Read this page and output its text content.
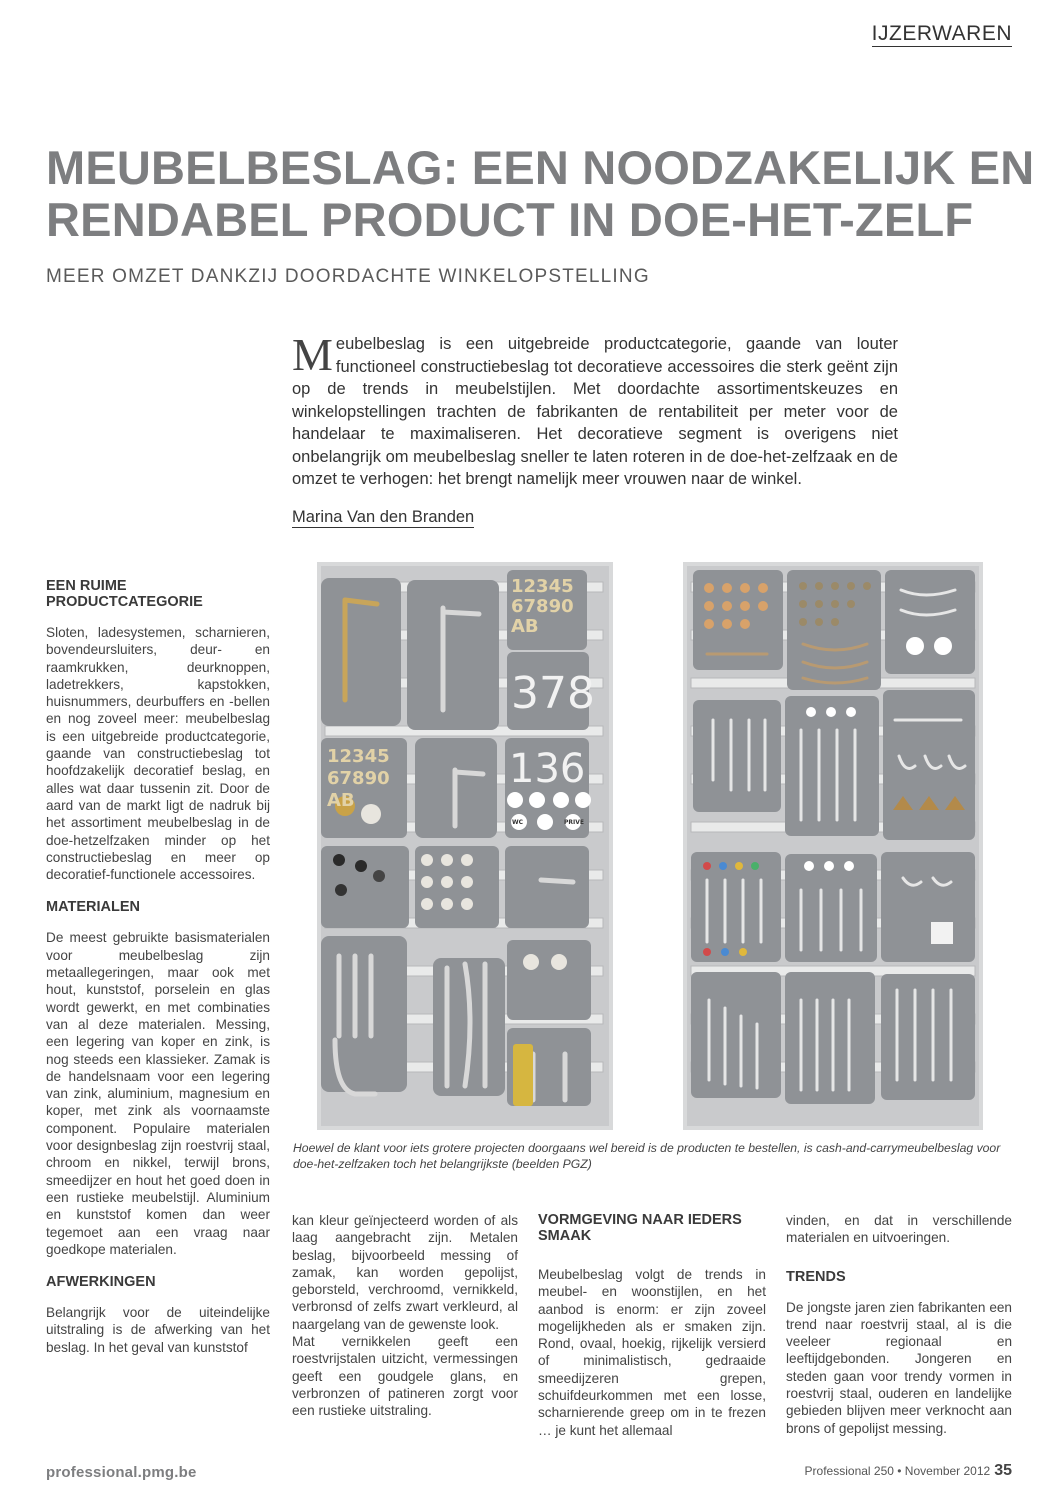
IJZERWAREN
MEUBELBESLAG: EEN NOODZAKELIJK EN
RENDABEL PRODUCT IN DOE-HET-ZELF
MEER OMZET DANKZIJ DOORDACHTE WINKELOPSTELLING
Meubelbeslag is een uitgebreide productcategorie, gaande van louter functioneel constructiebeslag tot decoratieve accessoires die sterk geënt zijn op de trends in meubelstijlen. Met doordachte assortimentskeuzes en winkelopstellingen trachten de fabrikanten de rentabiliteit per meter voor de handelaar te maximaliseren. Het decoratieve segment is overigens niet onbelangrijk om meubelbeslag sneller te laten roteren in de doe-het-zelfzaak en de omzet te verhogen: het brengt namelijk meer vrouwen naar de winkel.
Marina Van den Branden
12345
67890
AB
12345
67890
AB
378
136
WC	PRIVE
Hoewel de klant voor iets grotere projecten doorgaans wel bereid is de producten te bestellen, is cash-and-carrymeubelbeslag voor doe-het-zelfzaken toch het belangrijkste (beelden PGZ)
EEN RUIME PRODUCTCATEGORIE

Sloten, ladesystemen, scharnieren, bovendeursluiters, deur- en raamkrukken, deurknoppen, ladetrekkers, kapstokken, huisnummers, deurbuffers en -bellen en nog zoveel meer: meubelbeslag is een uitgebreide productcategorie, gaande van constructiebeslag tot hoofdzakelijk decoratief beslag, en alles wat daar tussenin zit. Door de aard van de markt ligt de nadruk bij het assortiment meubelbeslag in de doe-hetzelfzaken minder op het constructiebeslag en meer op decoratief-functionele accessoires.

MATERIALEN

De meest gebruikte basismaterialen voor meubelbeslag zijn metaallegeringen, maar ook met hout, kunststof, porselein en glas wordt gewerkt, en met combinaties van al deze materialen. Messing, een legering van koper en zink, is nog steeds een klassieker. Zamak is de handelsnaam voor een legering van zink, aluminium, magnesium en koper, met zink als voornaamste component. Populaire materialen voor designbeslag zijn roestvrij staal, chroom en nikkel, terwijl brons, smeedijzer en hout het goed doen in een rustieke meubelstijl. Aluminium en kunststof komen dan weer tegemoet aan een vraag naar goedkope materialen.

AFWERKINGEN

Belangrijk voor de uiteindelijke uitstraling is de afwerking van het beslag. In het geval van kunststof

kan kleur geïnjecteerd worden of als laag aangebracht zijn. Metalen beslag, bijvoorbeeld messing of zamak, kan worden gepolijst, geborsteld, verchroomd, vernikkeld, verbronsd of zelfs zwart verkleurd, al naargelang van de gewenste look.

Mat vernikkelen geeft een roestvrijstalen uitzicht, vermessingen geeft een goudgele glans, en verbronzen of patineren zorgt voor een rustieke uitstraling.

VORMGEVING NAAR IEDERS SMAAK

Meubelbeslag volgt de trends in meubel- en woonstijlen, en het aanbod is enorm: er zijn zoveel mogelijkheden als er smaken zijn. Rond, ovaal, hoekig, rijkelijk versierd of minimalistisch, gedraaide smeedijzeren grepen, schuifdeurkommen met een losse, scharnierende greep om in te frezen … je kunt het allemaal

vinden, en dat in verschillende materialen en uitvoeringen.

TRENDS

De jongste jaren zien fabrikanten een trend naar roestvrij staal, al is die veeleer regionaal en leeftijdgebonden. Jongeren en steden gaan voor trendy vormen in roestvrij staal, ouderen en landelijke gebieden blijven meer verknocht aan brons of gepolijst messing.

professional.pmg.be	Professional 250 • November 2012 35
